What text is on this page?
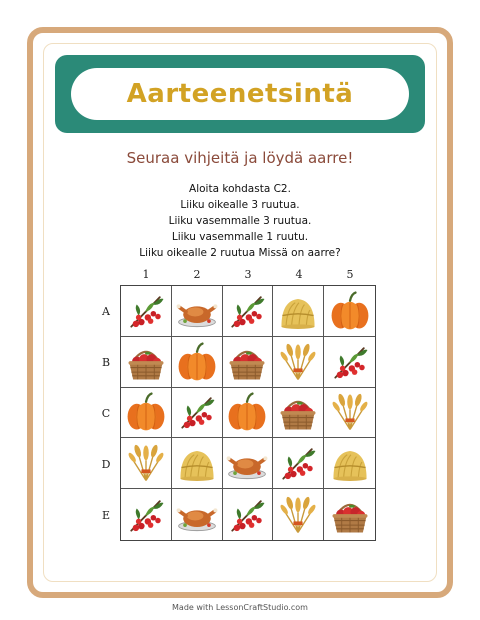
Aarteenetsintä
Seuraa vihjeitä ja löydä aarre!
Aloita kohdasta C2.
Liiku oikealle 3 ruutua.
Liiku vasemmalle 3 ruutua.
Liiku vasemmalle 1 ruutu.
Liiku oikealle 2 ruutua Missä on aarre?
1	2	3	4	5
A
B
C
D
E
Made with LessonCraftStudio.com
